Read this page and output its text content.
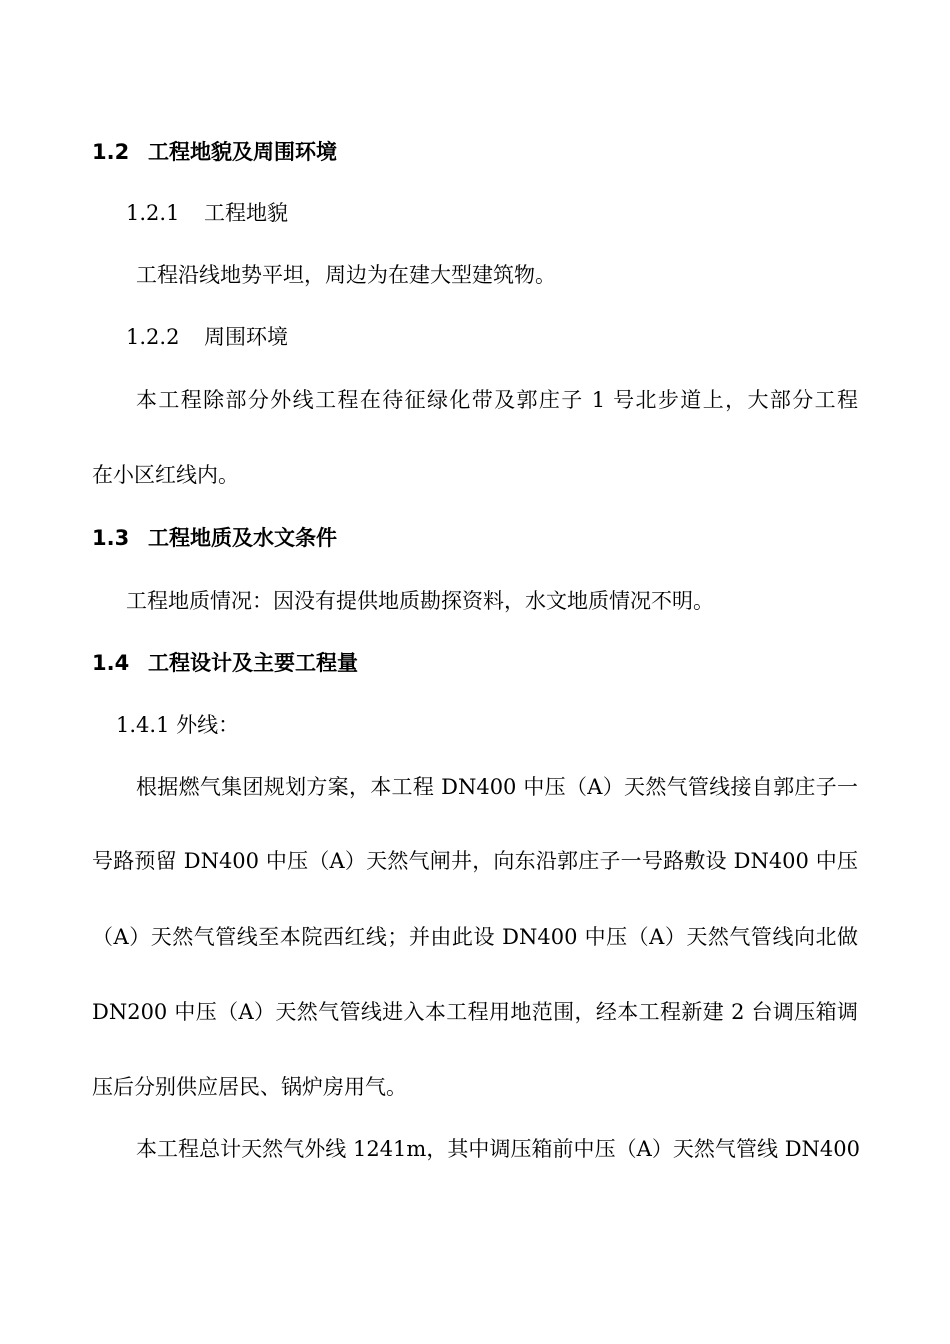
1.2 工程地貌及周围环境
1.2.1 工程地貌
工程沿线地势平坦，周边为在建大型建筑物。
1.2.2 周围环境
本工程除部分外线工程在待征绿化带及郭庄子 1 号北步道上，大部分工程
在小区红线内。
1.3 工程地质及水文条件
工程地质情况：因没有提供地质勘探资料，水文地质情况不明。
1.4 工程设计及主要工程量
1.4.1 外线：
根据燃气集团规划方案，本工程 DN400 中压（A）天然气管线接自郭庄子一
号路预留 DN400 中压（A）天然气闸井，向东沿郭庄子一号路敷设 DN400 中压
（A）天然气管线至本院西红线；并由此设 DN400 中压（A）天然气管线向北做
DN200 中压（A）天然气管线进入本工程用地范围，经本工程新建 2 台调压箱调
压后分别供应居民、锅炉房用气。
本工程总计天然气外线 1241m，其中调压箱前中压（A）天然气管线 DN400
